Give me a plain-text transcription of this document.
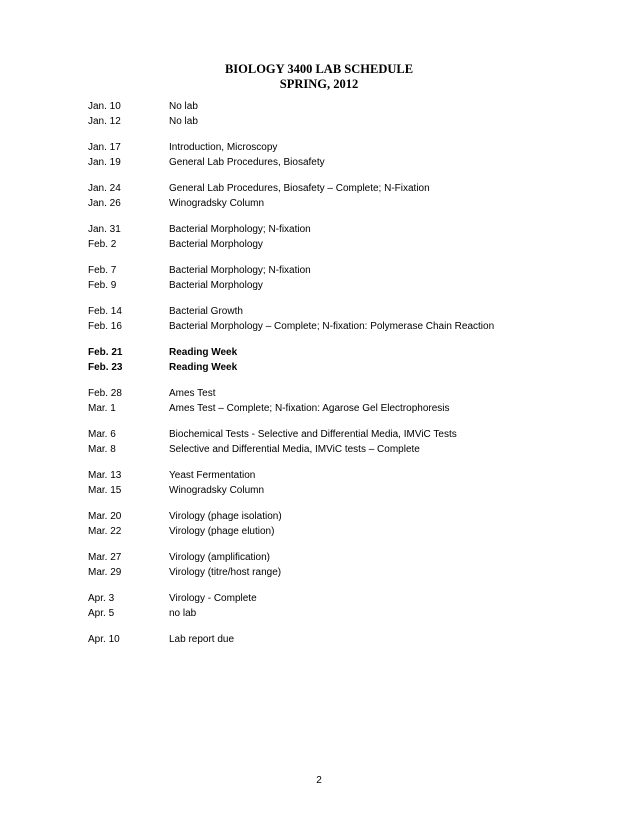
BIOLOGY 3400 LAB SCHEDULE
SPRING, 2012
Jan. 10	No lab
Jan. 12	No lab
Jan. 17	Introduction, Microscopy
Jan. 19	General Lab Procedures, Biosafety
Jan. 24	General Lab Procedures, Biosafety – Complete; N-Fixation
Jan. 26	Winogradsky Column
Jan. 31	Bacterial Morphology; N-fixation
Feb. 2	Bacterial Morphology
Feb. 7	Bacterial Morphology; N-fixation
Feb. 9	Bacterial Morphology
Feb. 14	Bacterial Growth
Feb. 16	Bacterial Morphology – Complete; N-fixation: Polymerase Chain Reaction
Feb. 21	Reading Week
Feb. 23	Reading Week
Feb. 28	Ames Test
Mar. 1	Ames Test – Complete; N-fixation: Agarose Gel Electrophoresis
Mar. 6	Biochemical Tests - Selective and Differential Media, IMViC Tests
Mar. 8	Selective and Differential Media, IMViC tests – Complete
Mar. 13	Yeast Fermentation
Mar. 15	Winogradsky Column
Mar. 20	Virology (phage isolation)
Mar. 22	Virology (phage elution)
Mar. 27	Virology (amplification)
Mar. 29	Virology (titre/host range)
Apr. 3	Virology - Complete
Apr. 5	no lab
Apr. 10	Lab report due
2
